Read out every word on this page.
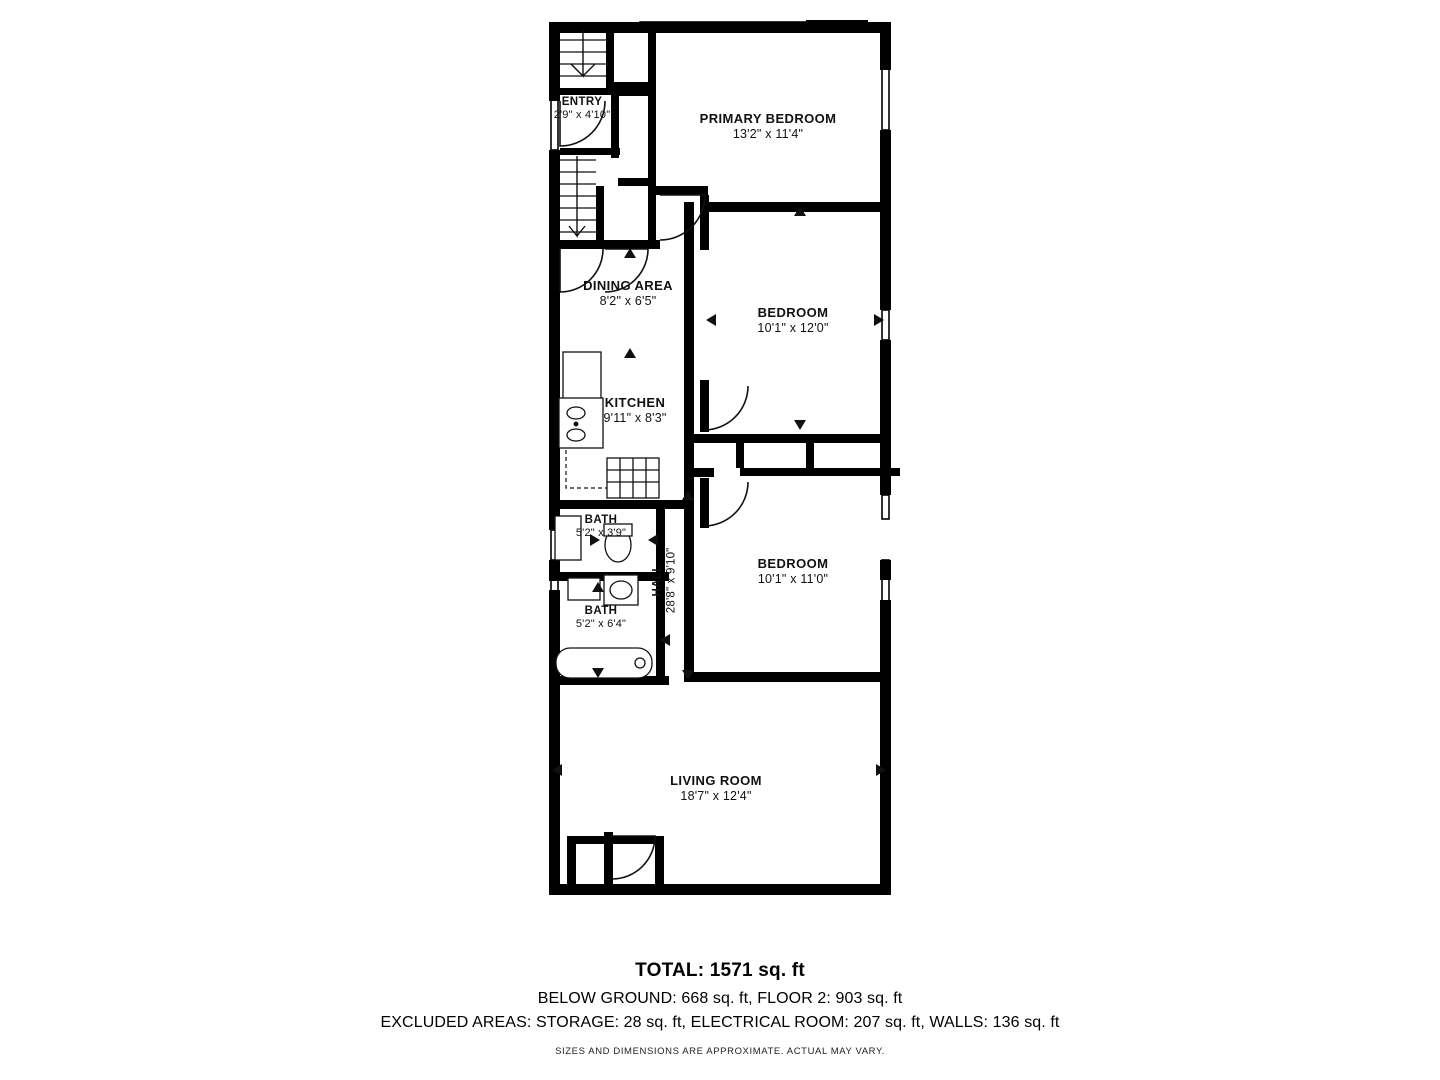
ENTRY
2'9" x 4'10"	PRIMARY BEDROOM
13'2" x 11'4"
DINING AREA
8'2" x 6'5"
BEDROOM
10'1" x 12'0"
KITCHEN
9'11" x 8'3"
BATH
5'2" x 3'9"
BEDROOM
10'1" x 11'0"
BATH
5'2" x 6'4"
LIVING ROOM
18'7" x 12'4"
HALL 28'8" x 9'10"
TOTAL: 1571 sq. ft
BELOW GROUND: 668 sq. ft, FLOOR 2: 903 sq. ft
EXCLUDED AREAS: STORAGE: 28 sq. ft, ELECTRICAL ROOM: 207 sq. ft, WALLS: 136 sq. ft
SIZES AND DIMENSIONS ARE APPROXIMATE. ACTUAL MAY VARY.
